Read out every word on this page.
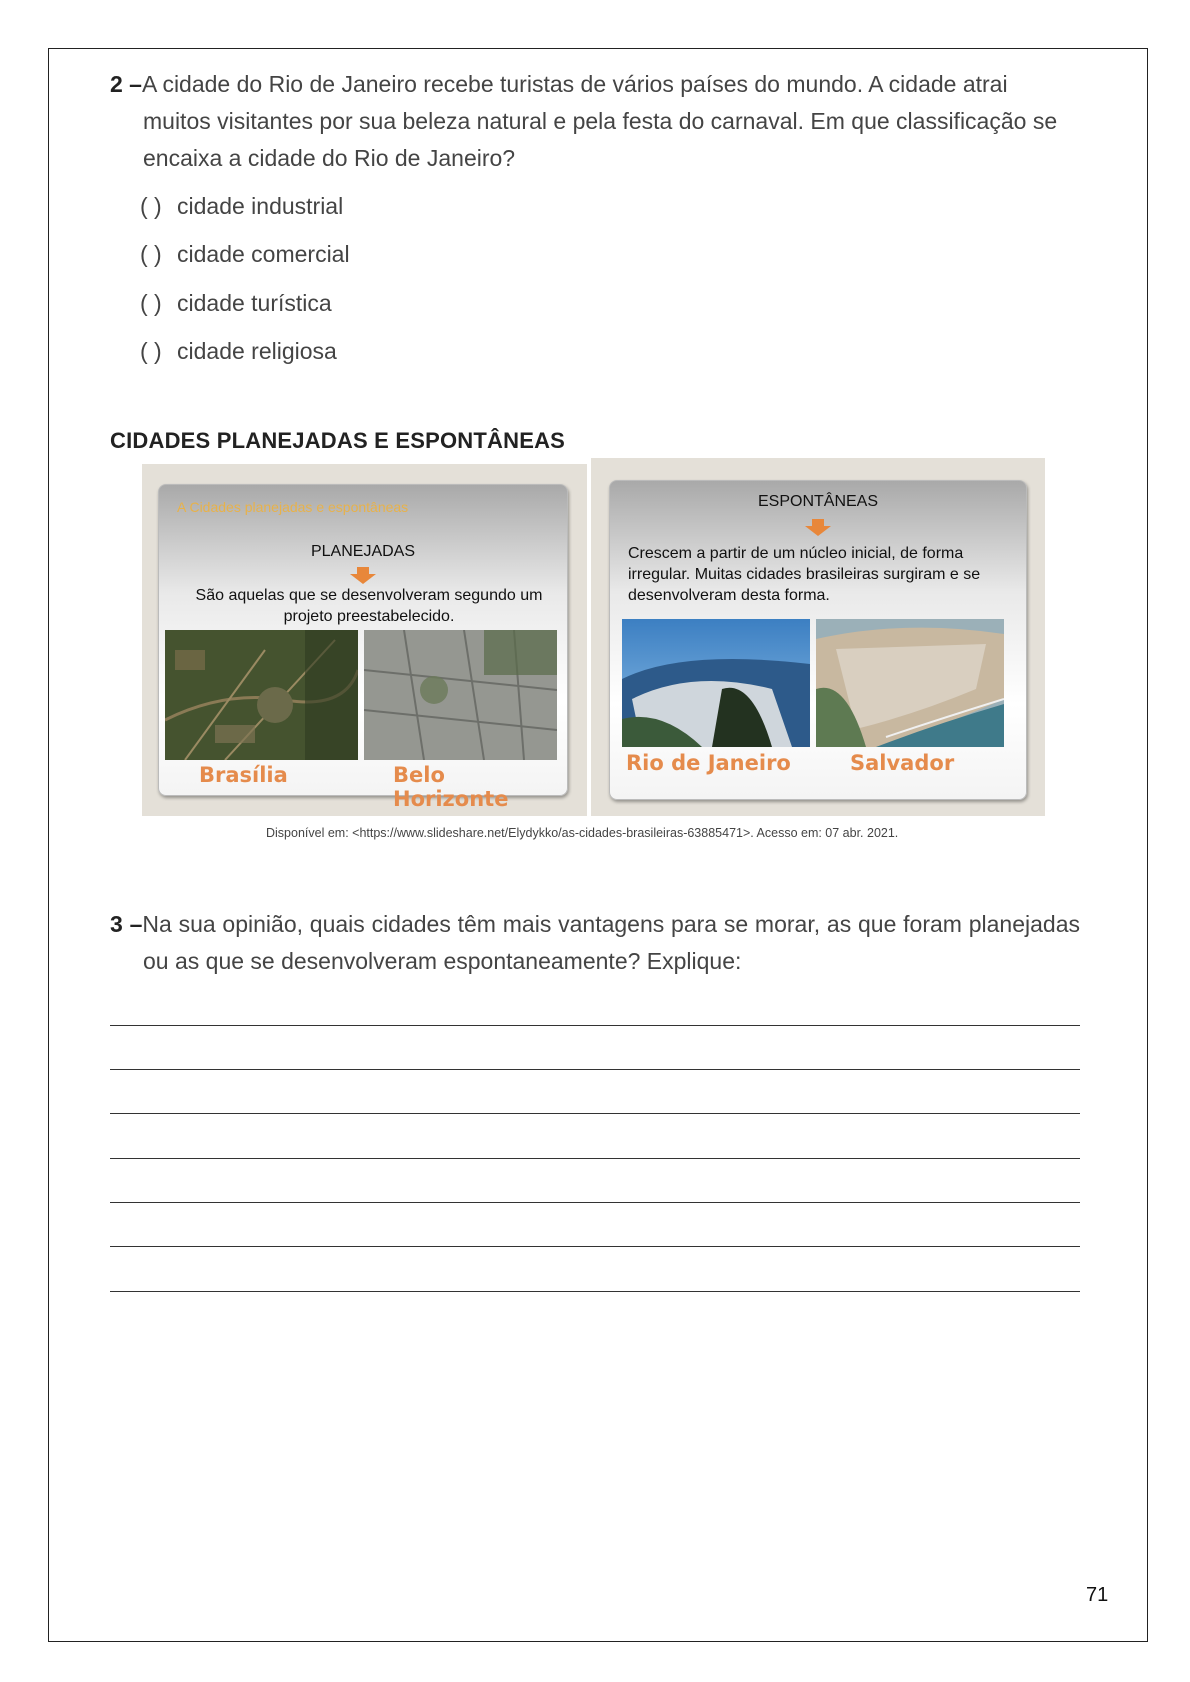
2 –A cidade do Rio de Janeiro recebe turistas de vários países do mundo. A cidade atrai muitos visitantes por sua beleza natural e pela festa do carnaval. Em que classificação se encaixa a cidade do Rio de Janeiro?
( ) cidade industrial
( ) cidade comercial
( ) cidade turística
( ) cidade religiosa
CIDADES PLANEJADAS E ESPONTÂNEAS
A Cidades planejadas e espontâneas
PLANEJADAS
São aquelas que se desenvolveram segundo um projeto preestabelecido.
Brasília	Belo Horizonte
ESPONTÂNEAS
Crescem a partir de um núcleo inicial, de forma irregular. Muitas cidades brasileiras surgiram e se desenvolveram desta forma.
Rio de Janeiro	Salvador
Disponível em: <https://www.slideshare.net/Elydykko/as-cidades-brasileiras-63885471>. Acesso em: 07 abr. 2021.
3 –Na sua opinião, quais cidades têm mais vantagens para se morar, as que foram planejadas ou as que se desenvolveram espontaneamente? Explique:
71
